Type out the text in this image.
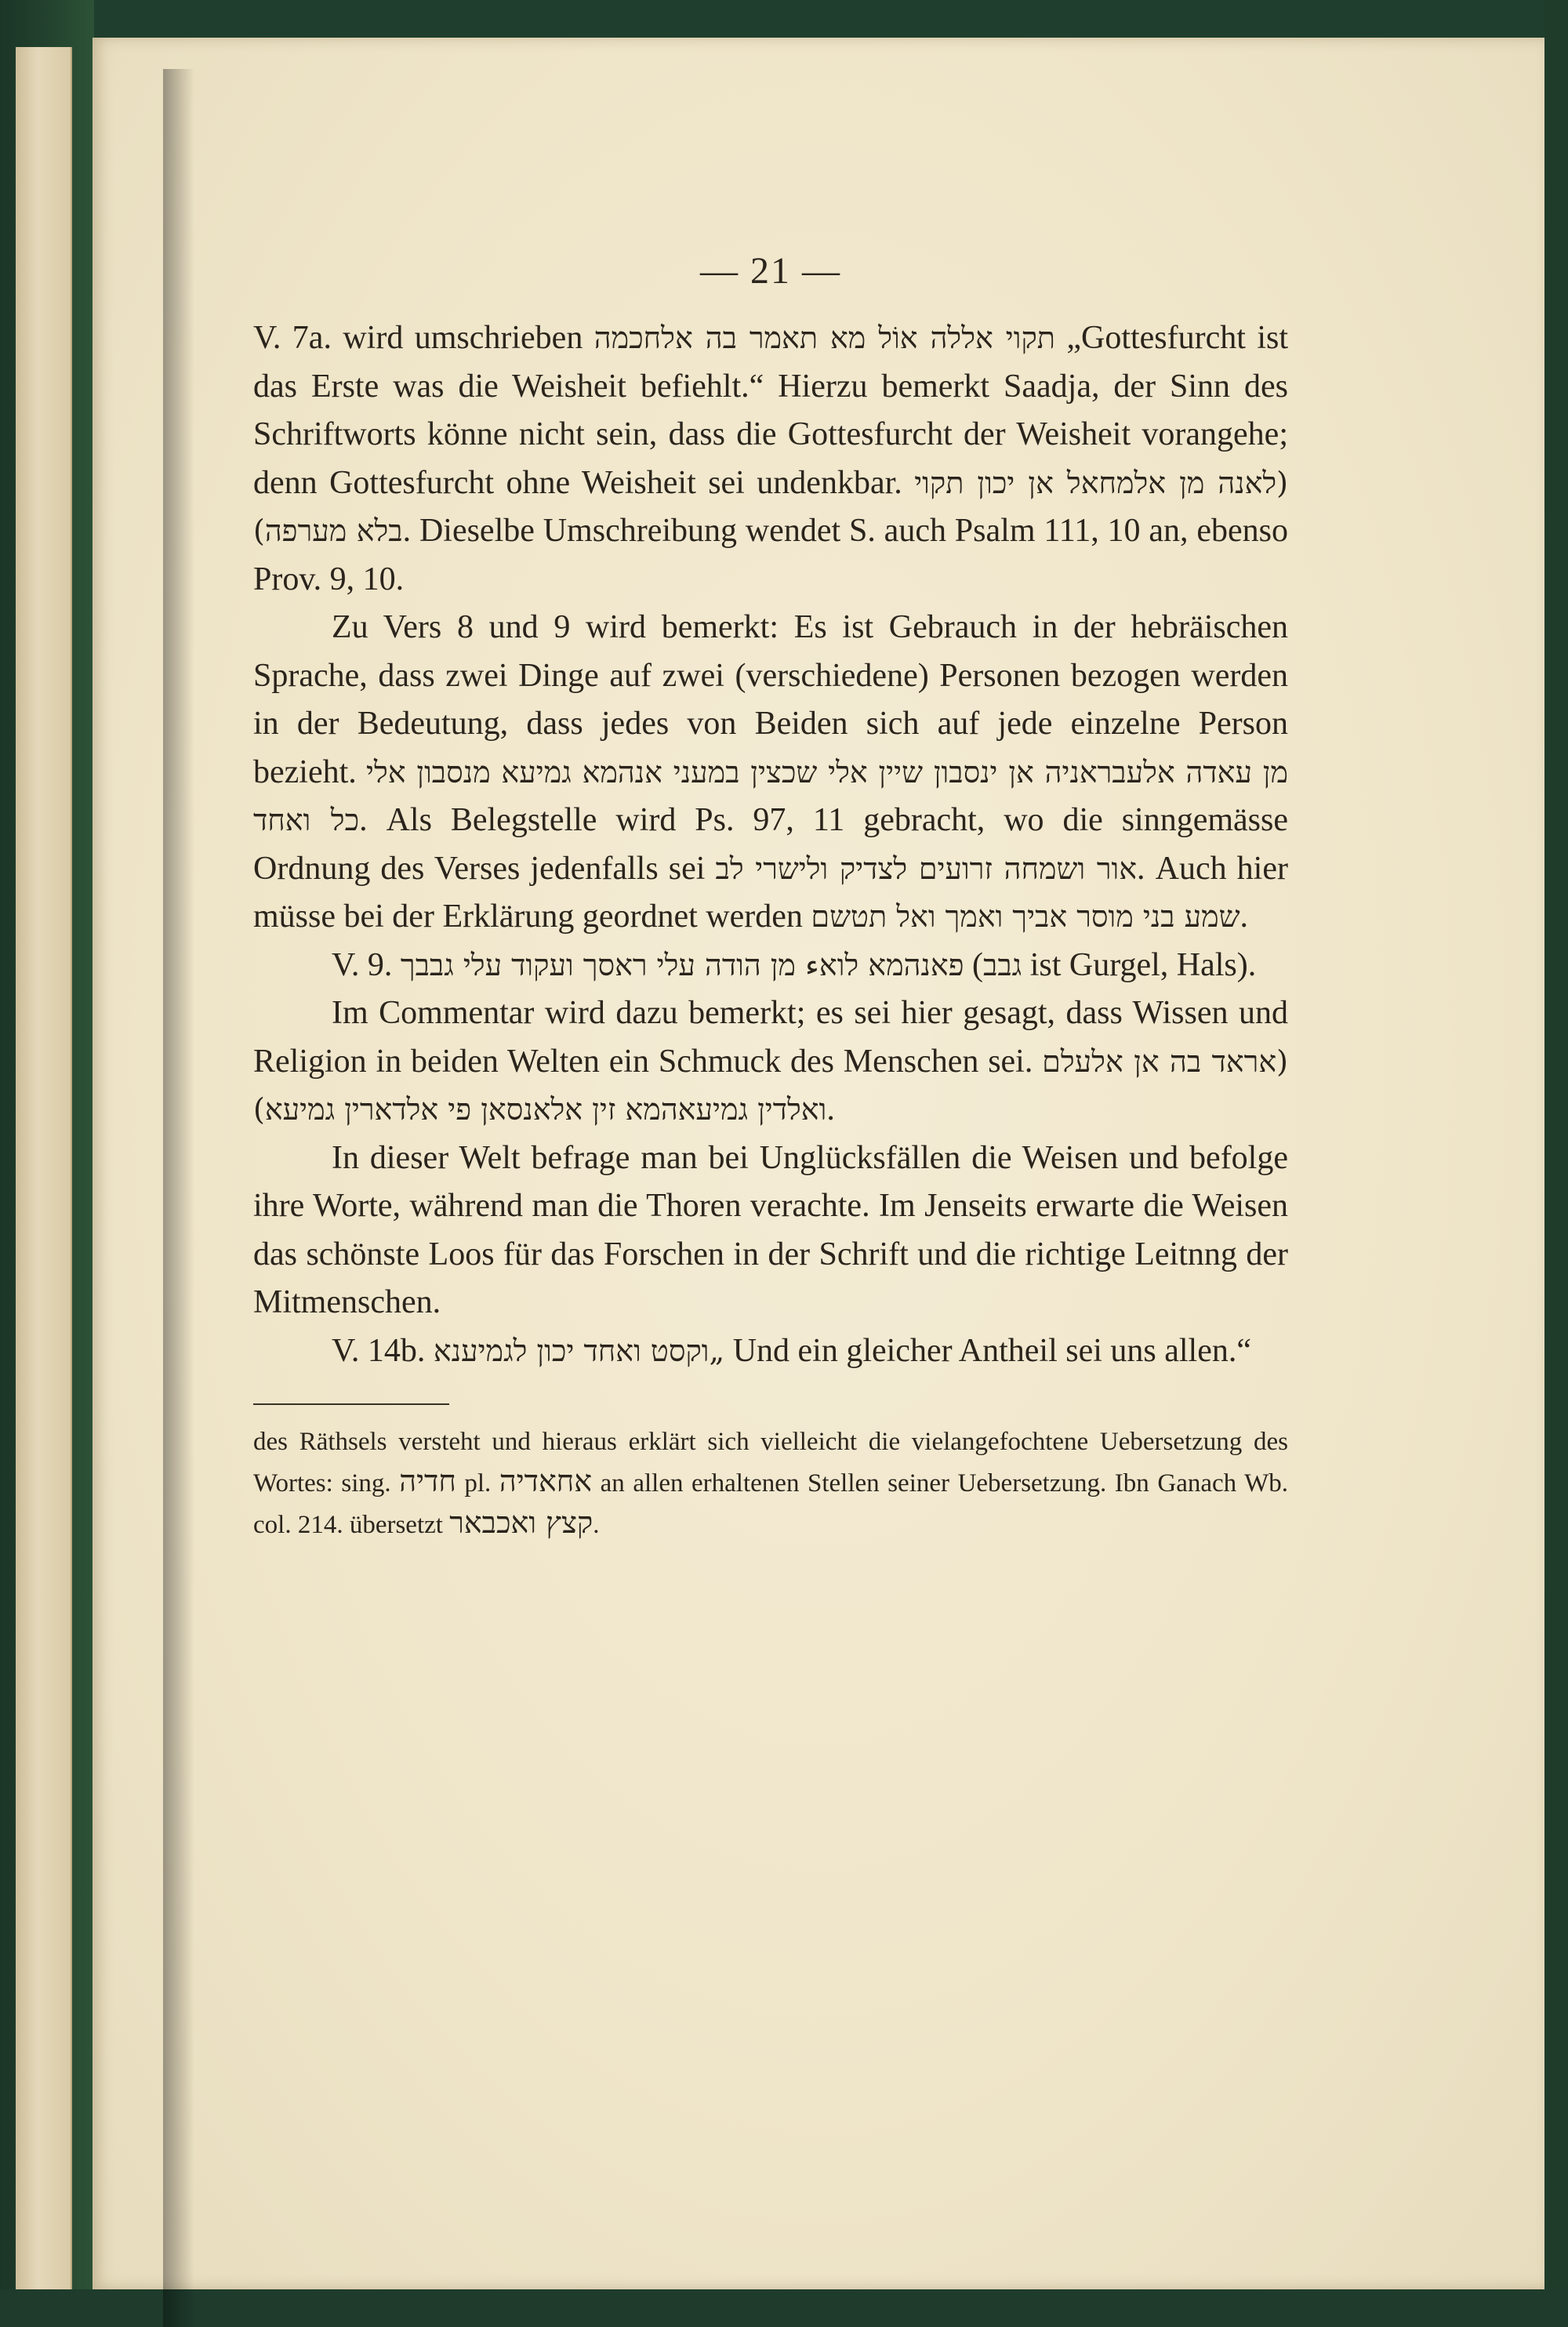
— 21 —

V. 7a. wird umschrieben תקוי אללה אוֹל מא תאמר בה אלחכמה „Gottesfurcht ist das Erste was die Weisheit befiehlt.“ Hierzu bemerkt Saadja, der Sinn des Schriftworts könne nicht sein, dass die Gottesfurcht der Weisheit vorangehe; denn Gottesfurcht ohne Weisheit sei undenkbar. (לאנה מן אלמחאל אן יכון תקוי בלא מערפה). Dieselbe Umschreibung wendet S. auch Psalm 111, 10 an, ebenso Prov. 9, 10.

Zu Vers 8 und 9 wird bemerkt: Es ist Gebrauch in der hebräischen Sprache, dass zwei Dinge auf zwei (verschiedene) Personen bezogen werden in der Bedeutung, dass jedes von Beiden sich auf jede einzelne Person bezieht. מן עאדה אלעבראניה אן ינסבון שיין אלי שכצין במעני אנהמא גמיעא מנסבון אלי כל ואחד. Als Belegstelle wird Ps. 97, 11 gebracht, wo die sinngemässe Ordnung des Verses jedenfalls sei אור ושמחה זרועים לצדיק ולישרי לב. Auch hier müsse bei der Erklärung geordnet werden שמע בני מוסר אביך ואמך ואל תטשם.

V. 9. פאנהמא לואء מן הודה עלי ראסך ועקוד עלי גבבך (גבב ist Gurgel, Hals).

Im Commentar wird dazu bemerkt; es sei hier gesagt, dass Wissen und Religion in beiden Welten ein Schmuck des Menschen sei. (אראד בה אן אלעלם ואלדין גמיעאהמא זין אלאנסאן פי אלדארין גמיעא).

In dieser Welt befrage man bei Unglücksfällen die Weisen und befolge ihre Worte, während man die Thoren verachte. Im Jenseits erwarte die Weisen das schönste Loos für das Forschen in der Schrift und die richtige Leitnng der Mitmenschen.

V. 14b. „וקסט ואחד יכון לגמיענא Und ein gleicher Antheil sei uns allen.“

des Räthsels versteht und hieraus erklärt sich vielleicht die vielangefochtene Uebersetzung des Wortes: sing. חדיה pl. אחאדיה an allen erhaltenen Stellen seiner Uebersetzung. Ibn Ganach Wb. col. 214. übersetzt קצץ ואכבאר.
